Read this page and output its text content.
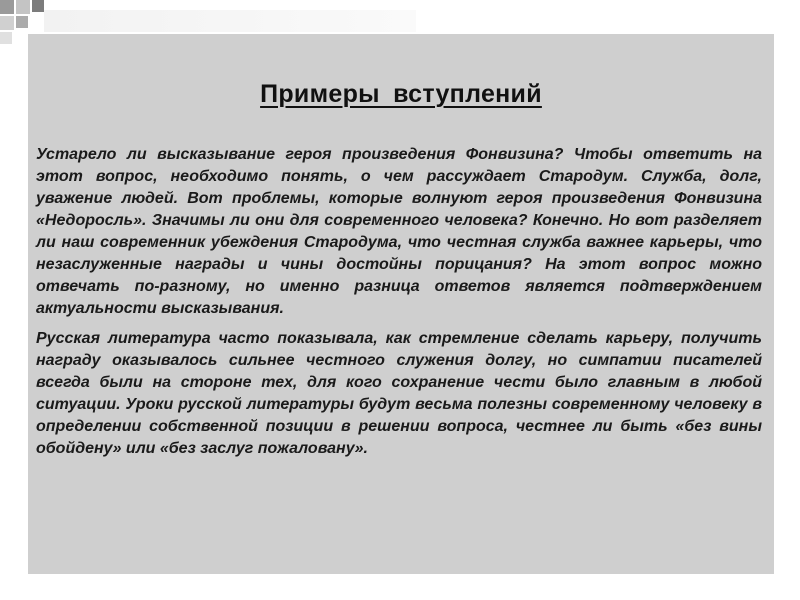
Примеры вступлений

Устарело ли высказывание героя произведения Фонвизина? Чтобы ответить на этот вопрос, необходимо понять, о чем рассуждает Стародум. Служба, долг, уважение людей. Вот проблемы, которые волнуют героя произведения Фонвизина «Недоросль». Значимы ли они для современного человека? Конечно. Но вот разделяет ли наш современник убеждения Стародума, что честная служба важнее карьеры, что незаслуженные награды и чины достойны порицания? На этот вопрос можно отвечать по-разному, но именно разница ответов является подтверждением актуальности высказывания.

Русская литература часто показывала, как стремление сделать карьеру, получить награду оказывалось сильнее честного служения долгу, но симпатии писателей всегда были на стороне тех, для кого сохранение чести было главным в любой ситуации. Уроки русской литературы будут весьма полезны современному человеку в определении собственной позиции в решении вопроса, честнее ли быть «без вины обойдену» или «без заслуг пожаловану».
